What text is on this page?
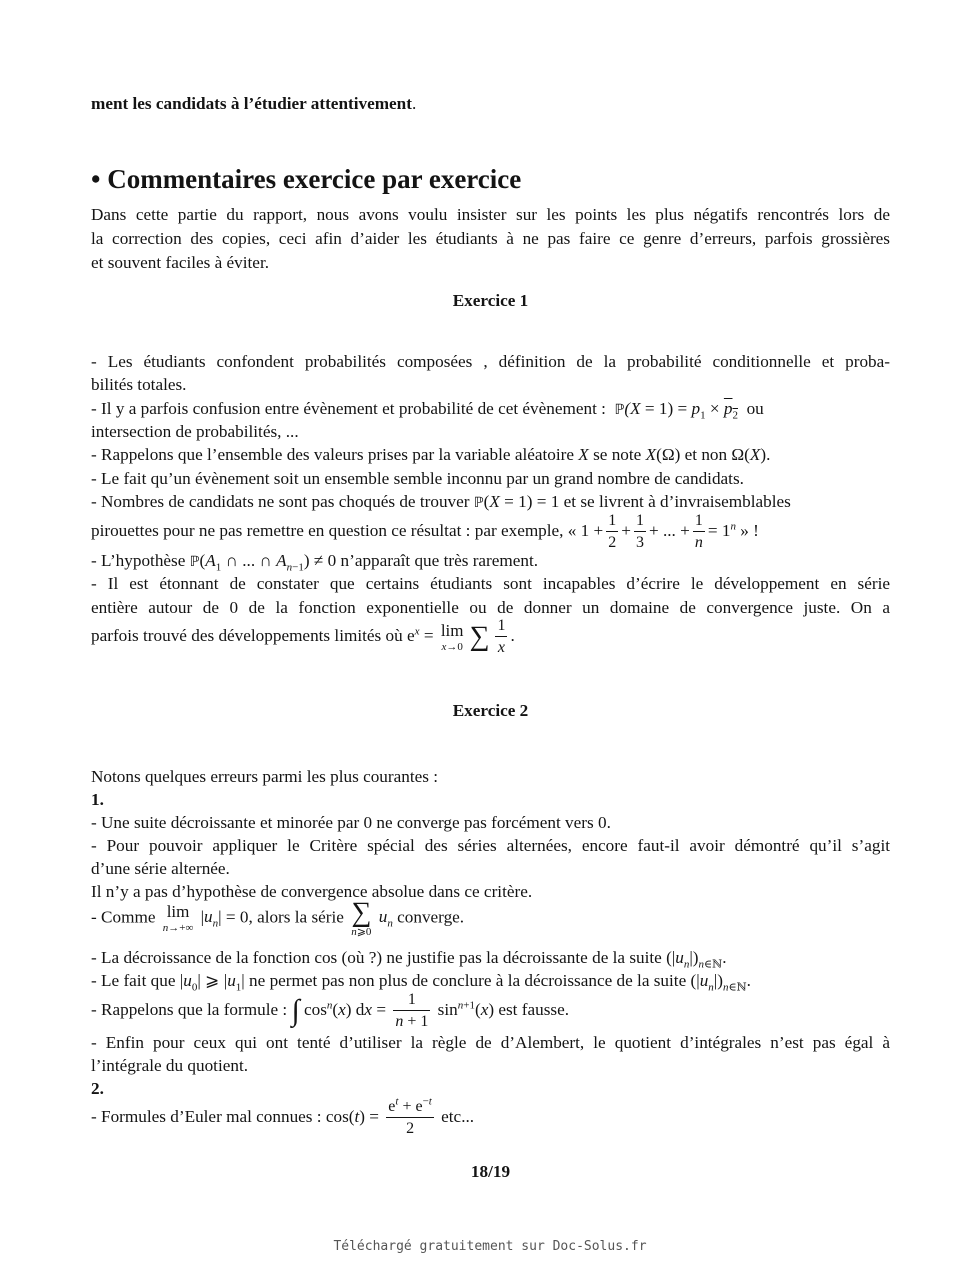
ment les candidats à l’étudier attentivement.
• Commentaires exercice par exercice
Dans cette partie du rapport, nous avons voulu insister sur les points les plus négatifs rencontrés lors de
la correction des copies, ceci afin d’aider les étudiants à ne pas faire ce genre d’erreurs, parfois grossières
et souvent faciles à éviter.
Exercice 1
- Les étudiants confondent probabilités composées , définition de la probabilité conditionnelle et proba-
bilités totales.
- Il y a parfois confusion entre évènement et probabilité de cet évènement : ℙ(X = $1) = p_1 \times p_2$ ou
intersection de probabilités, ...
- Rappelons que l’ensemble des valeurs prises par la variable aléatoire X se note X(Ω) et non Ω(X).
- Le fait qu’un évènement soit un ensemble semble inconnu par un grand nombre de candidats.
- Nombres de candidats ne sont pas choqués de trouver ℙ(X = 1) = 1 et se livrent à d’invraisemblables
pirouettes pour ne pas remettre en question ce résultat : par exemple, « $1 + \frac{1}{2} + \frac{1}{3}$ + ... + $\frac{1}{n} = 1^n$ » !
- L’hypothèse $ℙ(A_1$ ∩ ... ∩ $A_{n-1}) \ne 0$ n’apparaît que très rarement.
- Il est étonnant de constater que certains étudiants sont incapables d’écrire le développement en série
entière autour de 0 de la fonction exponentielle ou de donner un domaine de convergence juste. On a
parfois trouvé des développements limités où $e^x = \lim$
x→0 ∑ $\frac{1}{x}$ .
Exercice 2
Notons quelques erreurs parmi les plus courantes :
1.
- Une suite décroissante et minorée par 0 ne converge pas forcément vers 0.
- Pour pouvoir appliquer le Critère spécial des séries alternées, encore faut-il avoir démontré qu’il s’agit
d’une série alternée.
Il n’y a pas d’hypothèse de convergence absolue dans ce critère.
- Comme lim
n→+∞
$|u_n| = 0$, alors la série ∑
n⩾0
$u_n$ converge.
- La décroissance de la fonction cos (où ?) ne justifie pas la décroissante de la suite $(|u_n|)_{n\in ℕ}$.
- Le fait que $|u_0|$ ⩾ $|u_1|$ ne permet pas non plus de conclure à la décroissance de la suite $(|u_n|)_{n\in ℕ}$.
- Rappelons que la formule : ∫ $\cos^n(x)$ dx = $\frac{1}{n + 1} \sin^{n+1}(x)$ est fausse.
- Enfin pour ceux qui ont tenté d’utiliser la règle de d’Alembert, le quotient d’intégrales n’est pas égal à
l’intégrale du quotient.
2.
- Formules d’Euler mal connues : $\cos(t) = \frac{e^t + e^{-t}}{2}$ etc...
18/19
Téléchargé gratuitement sur Doc-Solus.fr
